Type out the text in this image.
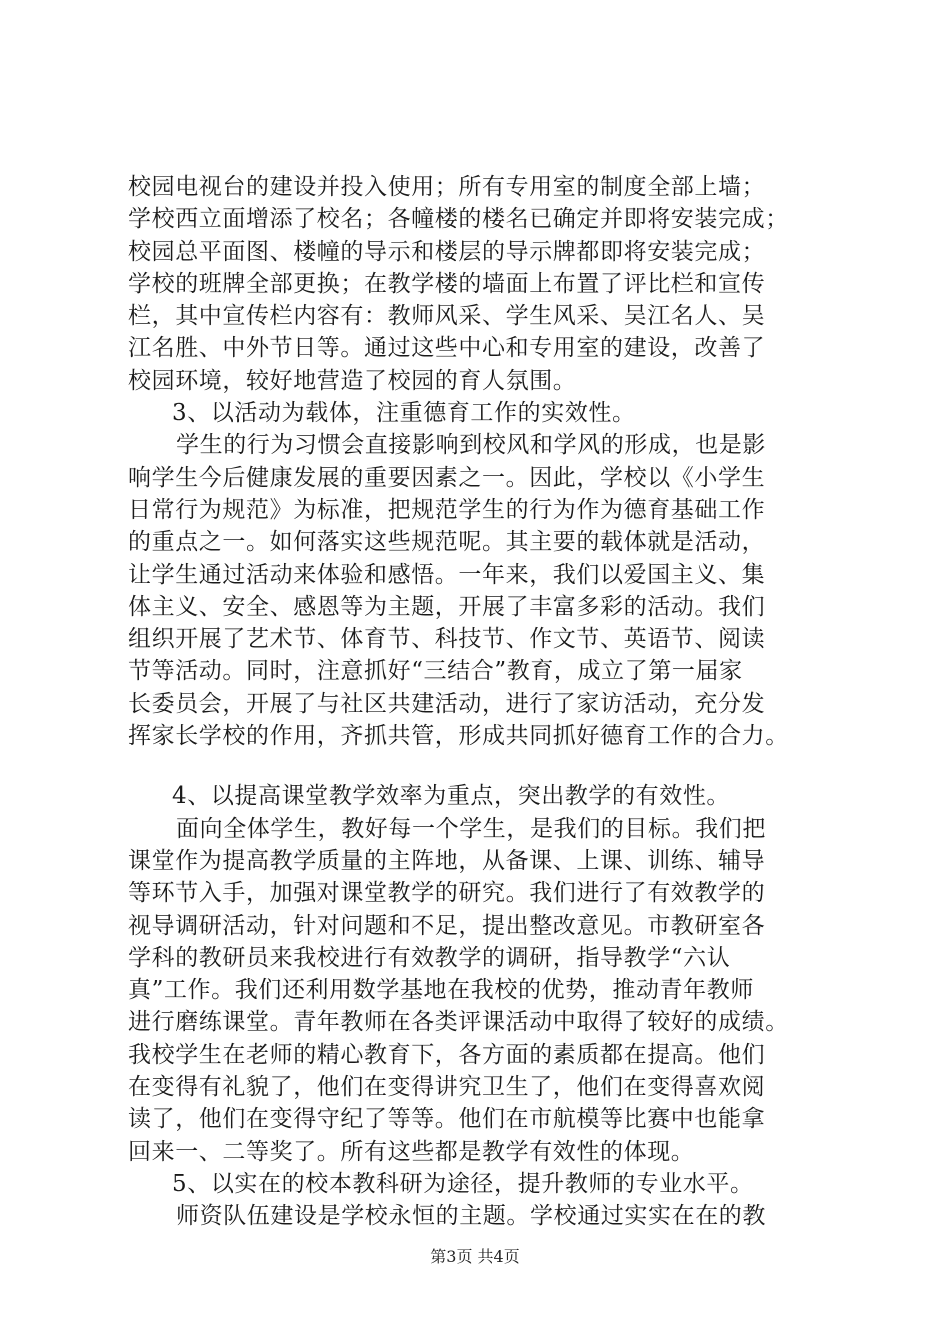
校园电视台的建设并投入使用；所有专用室的制度全部上墙；
学校西立面增添了校名；各幢楼的楼名已确定并即将安装完成；
校园总平面图、楼幢的导示和楼层的导示牌都即将安装完成；
学校的班牌全部更换；在教学楼的墙面上布置了评比栏和宣传
栏，其中宣传栏内容有：教师风采、学生风采、吴江名人、吴
江名胜、中外节日等。通过这些中心和专用室的建设，改善了
校园环境，较好地营造了校园的育人氛围。
3、以活动为载体，注重德育工作的实效性。
学生的行为习惯会直接影响到校风和学风的形成，也是影
响学生今后健康发展的重要因素之一。因此，学校以《小学生
日常行为规范》为标准，把规范学生的行为作为德育基础工作
的重点之一。如何落实这些规范呢。其主要的载体就是活动，
让学生通过活动来体验和感悟。一年来，我们以爱国主义、集
体主义、安全、感恩等为主题，开展了丰富多彩的活动。我们
组织开展了艺术节、体育节、科技节、作文节、英语节、阅读
节等活动。同时，注意抓好“三结合”教育，成立了第一届家
长委员会，开展了与社区共建活动，进行了家访活动，充分发
挥家长学校的作用，齐抓共管，形成共同抓好德育工作的合力。
4、以提高课堂教学效率为重点，突出教学的有效性。
面向全体学生，教好每一个学生，是我们的目标。我们把
课堂作为提高教学质量的主阵地，从备课、上课、训练、辅导
等环节入手，加强对课堂教学的研究。我们进行了有效教学的
视导调研活动，针对问题和不足，提出整改意见。市教研室各
学科的教研员来我校进行有效教学的调研，指导教学“六认
真”工作。我们还利用数学基地在我校的优势，推动青年教师
进行磨练课堂。青年教师在各类评课活动中取得了较好的成绩。
我校学生在老师的精心教育下，各方面的素质都在提高。他们
在变得有礼貌了，他们在变得讲究卫生了，他们在变得喜欢阅
读了，他们在变得守纪了等等。他们在市航模等比赛中也能拿
回来一、二等奖了。所有这些都是教学有效性的体现。
5、以实在的校本教科研为途径，提升教师的专业水平。
师资队伍建设是学校永恒的主题。学校通过实实在在的教
第3页 共4页
